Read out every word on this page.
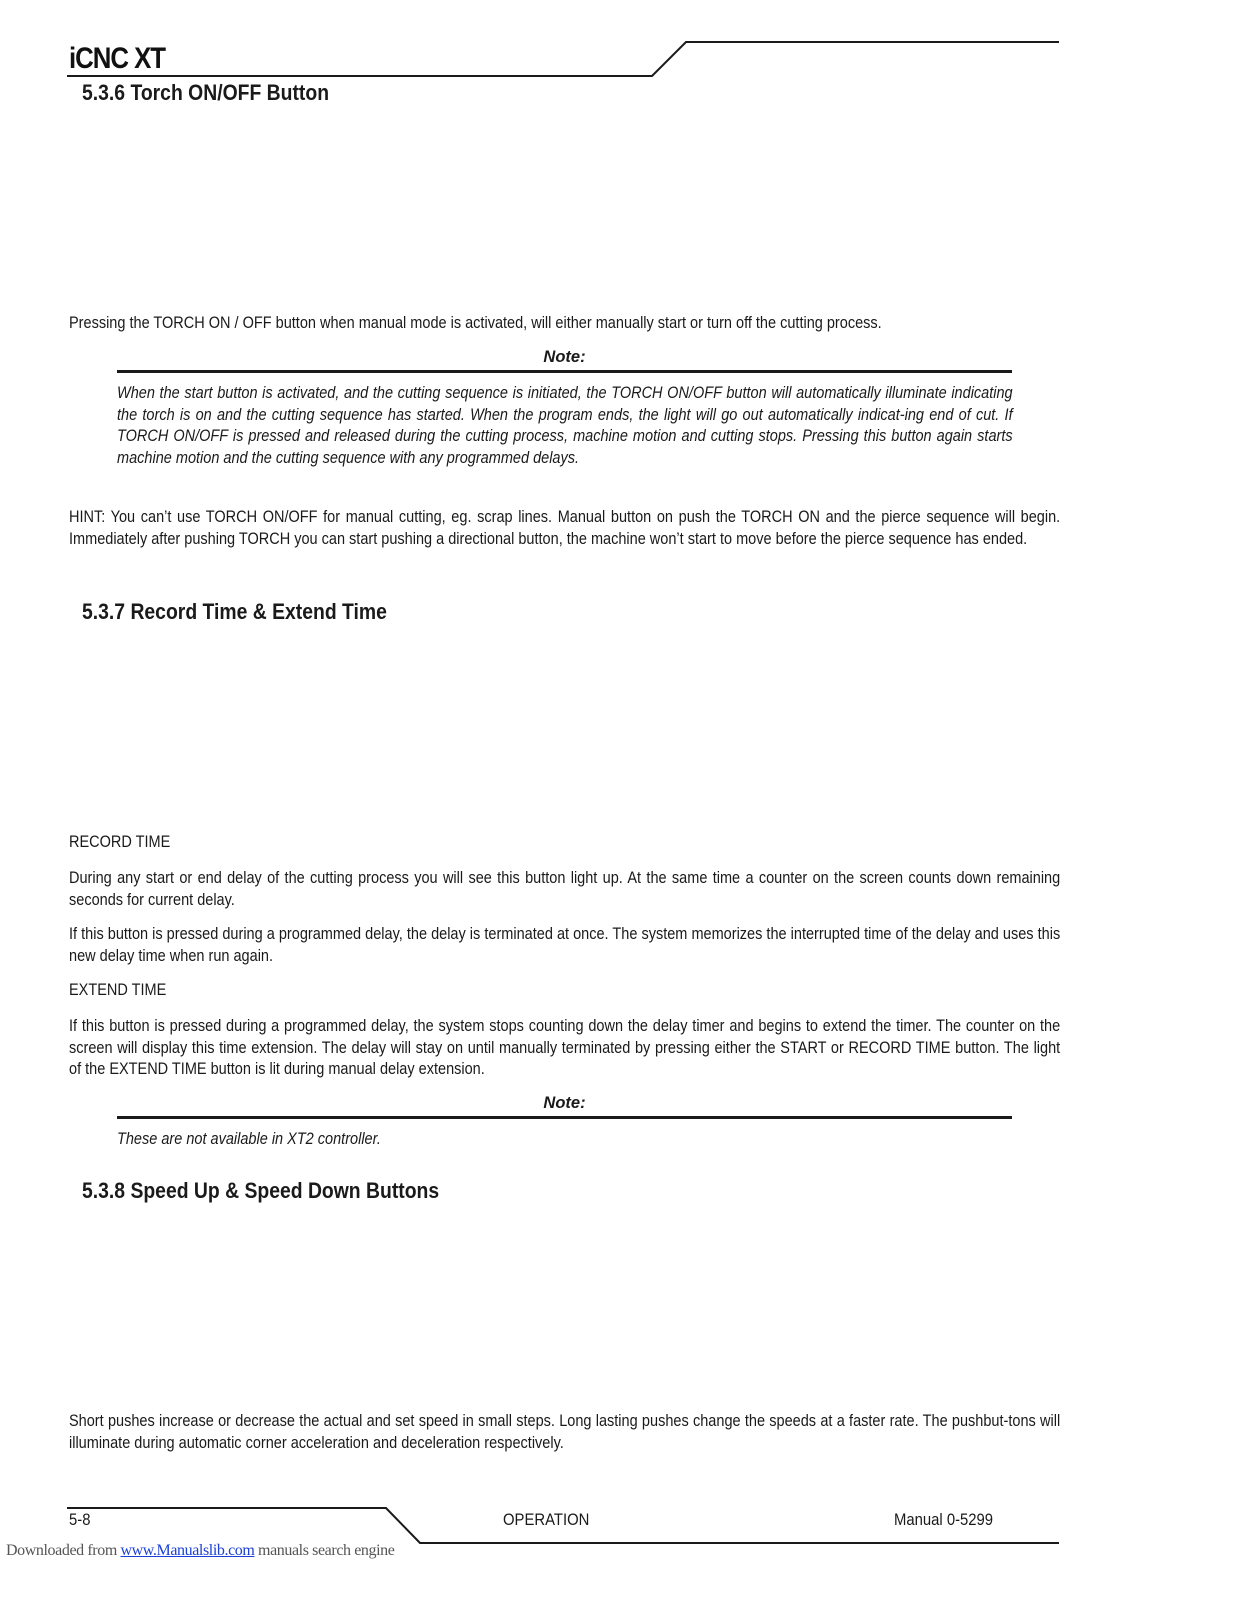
iCNC XT
5.3.6 Torch ON/OFF Button
Pressing the TORCH ON / OFF button when manual mode is activated, will either manually start or turn off the cutting process.
Note:
When the start button is activated, and the cutting sequence is initiated, the TORCH ON/OFF button will automatically illuminate indicating the torch is on and the cutting sequence has started. When the program ends, the light will go out automatically indicat-ing end of cut. If TORCH ON/OFF is pressed and released during the cutting process, machine motion and cutting stops. Pressing this button again starts machine motion and the cutting sequence with any programmed delays.
HINT: You can’t use TORCH ON/OFF for manual cutting, eg. scrap lines. Manual button on push the TORCH ON and the pierce sequence will begin. Immediately after pushing TORCH you can start pushing a directional button, the machine won’t start to move before the pierce sequence has ended.
5.3.7 Record Time & Extend Time
RECORD TIME
During any start or end delay of the cutting process you will see this button light up. At the same time a counter on the screen counts down remaining seconds for current delay.
If this button is pressed during a programmed delay, the delay is terminated at once. The system memorizes the interrupted time of the delay and uses this new delay time when run again.
EXTEND TIME
If this button is pressed during a programmed delay, the system stops counting down the delay timer and begins to extend the timer. The counter on the screen will display this time extension. The delay will stay on until manually terminated by pressing either the START or RECORD TIME button. The light of the EXTEND TIME button is lit during manual delay extension.
Note:
These are not available in XT2 controller.
5.3.8 Speed Up & Speed Down Buttons
Short pushes increase or decrease the actual and set speed in small steps. Long lasting pushes change the speeds at a faster rate. The pushbut-tons will illuminate during automatic corner acceleration and deceleration respectively.
5-8	OPERATION	Manual 0-5299
Downloaded from www.Manualslib.com manuals search engine
